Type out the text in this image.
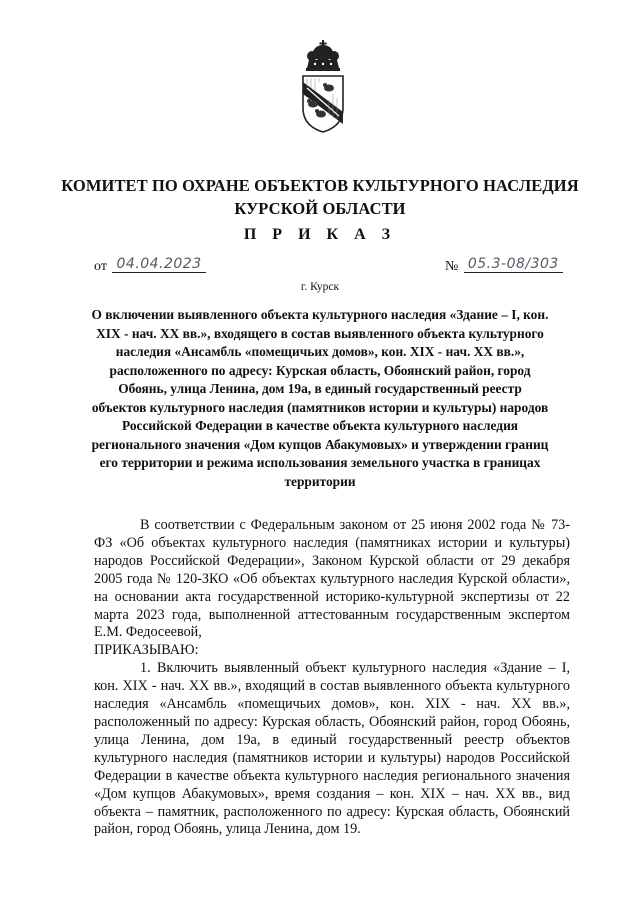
КОМИТЕТ ПО ОХРАНЕ ОБЪЕКТОВ КУЛЬТУРНОГО НАСЛЕДИЯ
КУРСКОЙ ОБЛАСТИ
П Р И К А З
от 04.04.2023	№ 05.3-08/303
г. Курск
О включении выявленного объекта культурного наследия «Здание – I, кон. XIX - нач. XX вв.», входящего в состав выявленного объекта культурного наследия «Ансамбль «помещичьих домов», кон. XIX - нач. XX вв.», расположенного по адресу: Курская область, Обоянский район, город Обоянь, улица Ленина, дом 19а, в единый государственный реестр объектов культурного наследия (памятников истории и культуры) народов Российской Федерации в качестве объекта культурного наследия регионального значения «Дом купцов Абакумовых» и утверждении границ его территории и режима использования земельного участка в границах территории

В соответствии с Федеральным законом от 25 июня 2002 года № 73-ФЗ «Об объектах культурного наследия (памятниках истории и культуры) народов Российской Федерации», Законом Курской области от 29 декабря 2005 года № 120-ЗКО «Об объектах культурного наследия Курской области», на основании акта государственной историко-культурной экспертизы от 22 марта 2023 года, выполненной аттестованным государственным экспертом Е.М. Федосеевой,

ПРИКАЗЫВАЮ:

1. Включить выявленный объект культурного наследия «Здание – I, кон. XIX - нач. XX вв.», входящий в состав выявленного объекта культурного наследия «Ансамбль «помещичьих домов», кон. XIX - нач. XX вв.», расположенный по адресу: Курская область, Обоянский район, город Обоянь, улица Ленина, дом 19а, в единый государственный реестр объектов культурного наследия (памятников истории и культуры) народов Российской Федерации в качестве объекта культурного наследия регионального значения «Дом купцов Абакумовых», время создания – кон. XIX – нач. XX вв., вид объекта – памятник, расположенного по адресу: Курская область, Обоянский район, город Обоянь, улица Ленина, дом 19.
